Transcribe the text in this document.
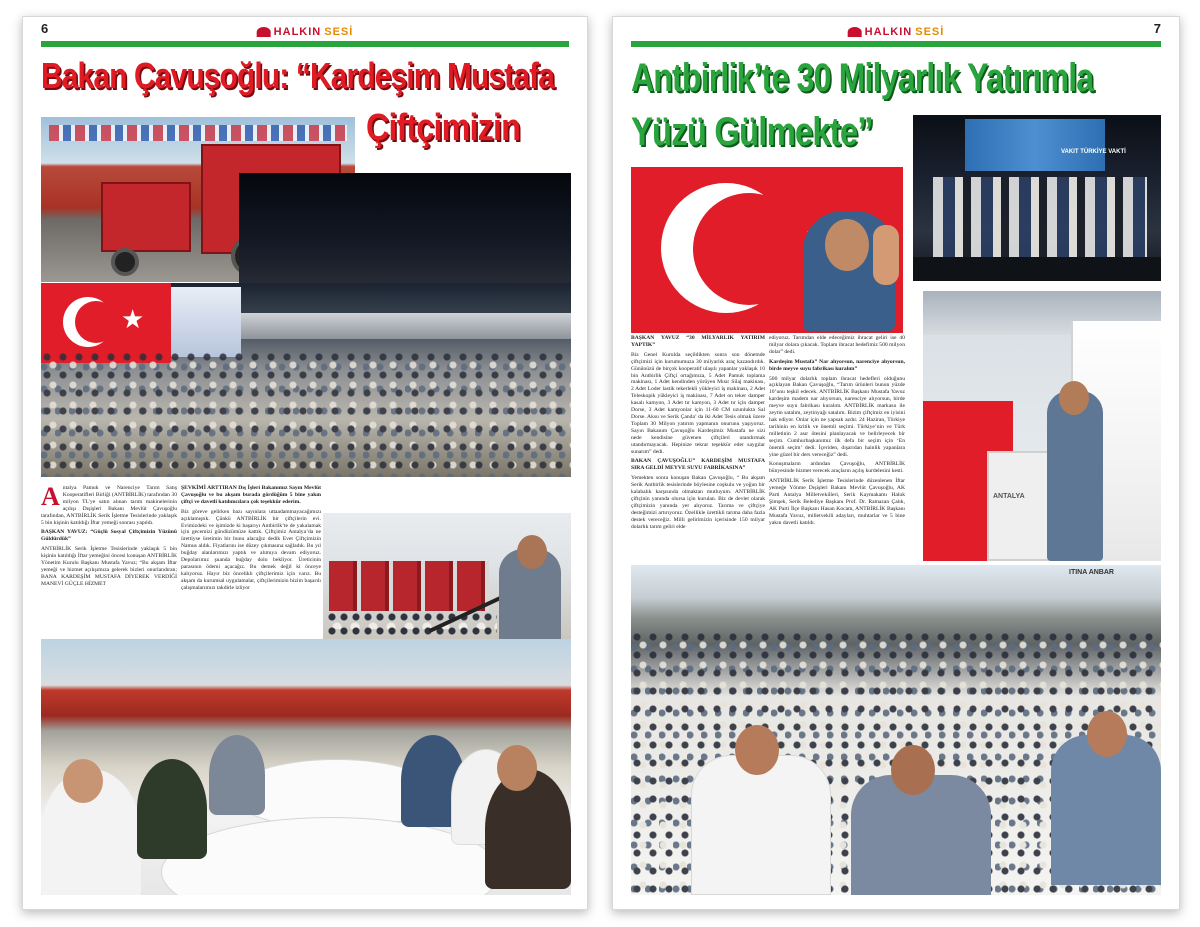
6	HALKIN SESİ
Bakan Çavuşoğlu: “Kardeşim Mustafa
Çiftçimizin
★

Antalya Pamuk ve Narenciye Tarım Satış Kooperatifleri Birliği (ANTBİRLİK) tarafından 30 milyon TL'ye satın alınan tarım makinelerinin açılışı Dışişleri Bakanı Mevlüt Çavuşoğlu tarafından, ANTBİRLİK Serik İşletme Tesislerinde yaklaşık 5 bin kişinin katıldığı İftar yemeği sonrası yapıldı.

BAŞKAN YAVUZ: “Güçlü Sosyal Çiftçimizin Yüzünü Güldürdük”

ANTBİRLİK Serik İşletme Tesislerinde yaklaşık 5 bin kişinin katıldığı İftar yemeğini öncesi konuşan ANTBİRLİK Yönetim Kurulu Başkanı Mustafa Yavuz; “Bu akşam İftar yemeği ve hizmet açılışımıza gelerek bizleri onurlandıran; BANA KARDEŞİM MUSTAFA DİYEREK VERDİĞİ MANEVİ GÜÇLE HİZMET

ŞEVKİMİ ARTTIRAN Dış İşleri Bakanımız Sayın Mevlüt Çavuşoğlu ve bu akşam burada gördüğüm 5 bine yakın çiftçi ve davetli katılımcılara çok teşekkür ederim.

Biz göreve gelirken bazı sayınlara uttaadammayacağımızı açıklamıştık. Çünkü ANTBİRLİK bir çiftçilerin evi. Evimizdeki ve işimizde ki başarıyı Antbirlik’te de yakalamak için gecemizi gündüzümüze kattık. Çiftçimiz Antalya’da ne ürettiyse üretimin bir bunu alacağız dedik Evet Çiftçimizin Namus aldık. Fiyatlarını ise düzey çıkmasına sağladık. Bu yıl buğday alanlarımızı yaptık ve alımıya devam ediyoruz. Depolarımız şuanda buğday dolu bekliyor. Üreticinin parasının ödemi açacağız. Bu demek değil ki önceye kalıyoruz. Hayır biz önceliklı çiftçilerimiz için varız. Bu akşam da kurumsal uygulamalar, çiftçilerimizin bizim başarılı çalışmalarımızı takdirle izliyor

7
HALKIN SESİ
Antbirlik’te 30 Milyarlık Yatırımla
Yüzü Gülmekte”	VAKIT TÜRKİYE VAKTİ

BAŞKAN YAVUZ “30 MİLYARLIK YATIRIM YAPTIK”

Biz Genel Kurulda seçildikten sonra son dönemde çiftçimizi için kurumumuza 30 milyarlık araç kazandırdık. Gününüzü de birçok kooperatif ulaşılı yapanlar yaklaşık 10 bin Antbirlik Çiftçi ortağımıza, 5 Adet Pamuk toplama makinası, 1 Adet kendinden yürüyen Mısır Silaj makinası, 2 Adet Loder lastik tekerlekli yükleyici iş makinası, 2 Adet Teleskopik yükleyici iş makinası, 7 Adet on teker damper kasalı kamyon, 3 Adet tır kamyon, 3 Adet tır için damper Dorse, 3 Adet kamyonlar için 11-60 CM uzunlukta Sal Dorse. Aksu ve Serik Çanda’ da iki Adet Tesis olmak üzere Toplam 30 Milyon yatırım yapmanın onurunu yaşıyoruz. Sayın Bakanım Çavuşoğlu Kardeşimiz Mustafa ne sizi nede kendisine güvenen çiftçileri utandırmak utandırmayacak. Hepinize tekrar teşekkür eder saygılar sunarım” dedi.

BAKAN ÇAVUŞOĞLU” KARDEŞİM MUSTAFA SIRA GELDİ MEYVE SUYU FABRİKASINA”

Yemekten sonra konuşan Bakan Çavuşoğlu, “ Bu akşam Serik Antbirlik tesislerinde böylesine coşkulu ve yoğun bir kalabalık karşısında olmaktan mutluyum. ANTBİRLİK çiftçinin yanında olursa için kurulan. Biz de devlet olarak çiftçimizin yanında yer alıyoruz. Tarıma ve çiftçiye desteğimizi artırıyoruz. Özellikle ürettikli tarıma daha fazla destek vereceğiz. Milli gelirimizin içerisinde 150 milyar dolarlık tarım geliri elde

ediyoruz. Tarımdan elde edeceğimiz ihracat geliri ise 40 milyar dolara çıkacak. Toplam ihracat hedefimiz 500 milyon dolar” dedi.

Kardeşim Mustafa” Nar alıyorsun, narenciye alıyorsun, birde meyve suyu fabrikası kuralım”

500 milyar dolarlık toplam ihracat hedefleri olduğunu açıklayan Bakan Çavuşoğlu, “Tarım ürünleri bunun yüzde 10’unu teşkil edecek. ANTBİRLİK Başkanı Mustafa Yavuz kardeşim madem nar alıyorsun, narenciye alıyorsun, birde meyve suyu fabrikası kuralım. ANTBİRLİK markasıı ile zeytin satalım, zeytinyağı satalım. Bizim çiftçimiz en iyisini hak ediyor. Onlar için ne yapsak azdır. 24 Haziran, Türkiye tarihinin en kritik ve önemli seçimi. Türkiye’nin ve Türk milletinin 2 asır ötesini planlayacak ve belirleyecek bir seçim. Cumhurbaşkanımız ilk defa bir seçim için ‘En önemli seçim’ dedi. İçeriden, dışarıdan hainlik yapanlara yine güzel bir ders vereceğiz” dedi.

Konuşmaların ardından Çavuşoğlu, ANTBİRLİK bünyesinde hizmet verecek araçların açılış kurdelesini kesti.

ANTBİRLİK Serik İşletme Tesislerinde düzenlenen İftar yemeğe Yönme Dışişleri Bakanı Mevlüt Çavuşoğlu, AK Parti Antalya Milletvekilleri, Serik Kaymakamı Haluk Şimşek, Serik Belediye Başkanı Prof. Dr. Ramazan Çalık, AK Parti İlçe Başkanı Hasan Kocam, ANTBİRLİK Başkanı Mustafa Yavuz, milletvekili adayları, muhtarlar ve 5 bine yakın davetli katıldı.

ANTALYA
ITINA ANBAR
